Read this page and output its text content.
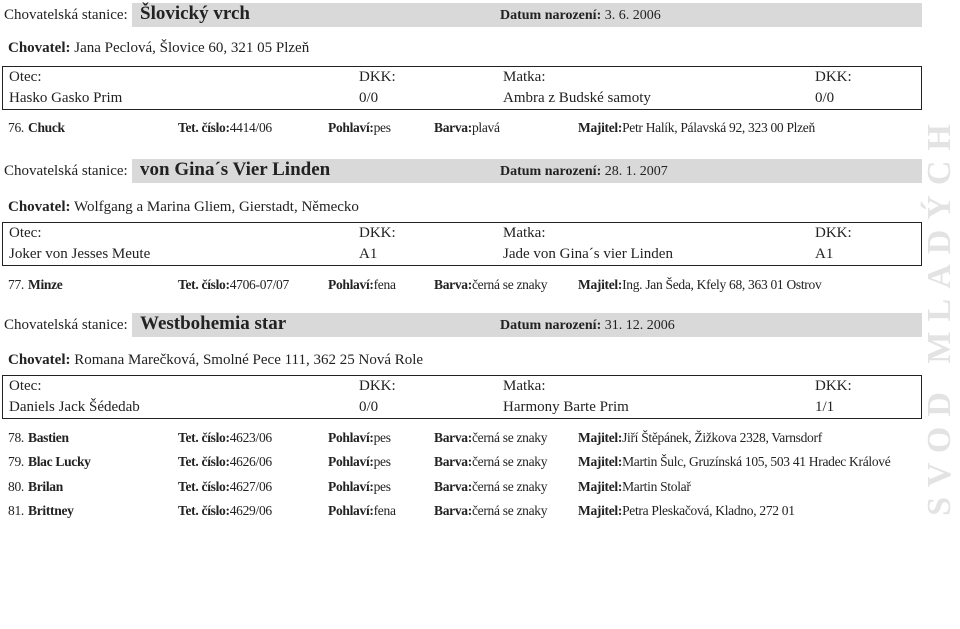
Chovatelská stanice: Šlovický vrch	Datum narození: 3. 6. 2006
Chovatel: Jana Peclová, Šlovice 60, 321 05 Plzeň
Otec:	DKK:	Matka:	DKK:
Hasko Gasko Prim	0/0	Ambra z Budské samoty	0/0
76. Chuck	Tet. číslo: 4414/06	Pohlaví: pes	Barva: plavá	Majitel: Petr Halík, Pálavská 92, 323 00 Plzeň
Chovatelská stanice: von Gina´s Vier Linden	Datum narození: 28. 1. 2007
Chovatel: Wolfgang a Marina Gliem, Gierstadt, Německo
Otec:	DKK:	Matka:	DKK:
Joker von Jesses Meute	A1	Jade von Gina´s vier Linden	A1
77. Minze	Tet. číslo: 4706-07/07	Pohlaví: fena	Barva: černá se znaky Majitel: Ing. Jan Šeda, Kfely 68, 363 01 Ostrov
Chovatelská stanice: Westbohemia star	Datum narození: 31. 12. 2006
Chovatel: Romana Marečková, Smolné Pece 111, 362 25 Nová Role
Otec:	DKK:	Matka:	DKK:
Daniels Jack Šédedab	0/0	Harmony Barte Prim	1/1
78. Bastien	Tet. číslo: 4623/06	Pohlaví: pes	Barva: černá se znaky Majitel: Jiří Štěpánek, Žižkova 2328, Varnsdorf
79. Blac Lucky	Tet. číslo: 4626/06	Pohlaví: pes	Barva: černá se znaky Majitel: Martin Šulc, Gruzínská 105, 503 41 Hradec Králové
80. Brilan	Tet. číslo: 4627/06	Pohlaví: pes	Barva: černá se znaky Majitel: Martin Stolař
81. Brittney	Tet. číslo: 4629/06	Pohlaví: fena	Barva: černá se znaky Majitel: Petra Pleskačová, Kladno, 272 01	SVOD MLADÝCH
